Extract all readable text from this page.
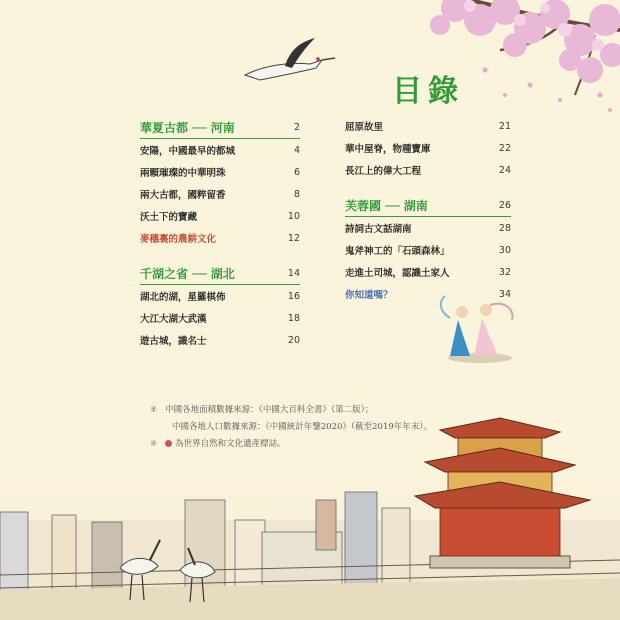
目錄
華夏古都 ── 河南	2
安陽，中國最早的都城	4
兩顆璀璨的中華明珠	6
兩大古都，國粹留香	8
沃土下的寶藏	10
麥穗裏的農耕文化	12
千湖之省 ── 湖北	14
湖北的湖，星羅棋佈	16
大江大湖大武漢	18
遊古城，識名士	20
屈原故里	21
華中屋脊，物種寶庫	22
長江上的偉大工程	24
芙蓉國 ── 湖南	26
詩詞古文話湖南	28
鬼斧神工的「石頭森林」	30
走進土司城，認識土家人	32
你知道嗎？	34
※ 中國各地面積數據來源：《中國大百科全書》（第二版）；
中國各地人口數據來源：《中國統計年鑒2020》（截至2019年年末）。
※ 為世界自然和文化遺產標誌。
